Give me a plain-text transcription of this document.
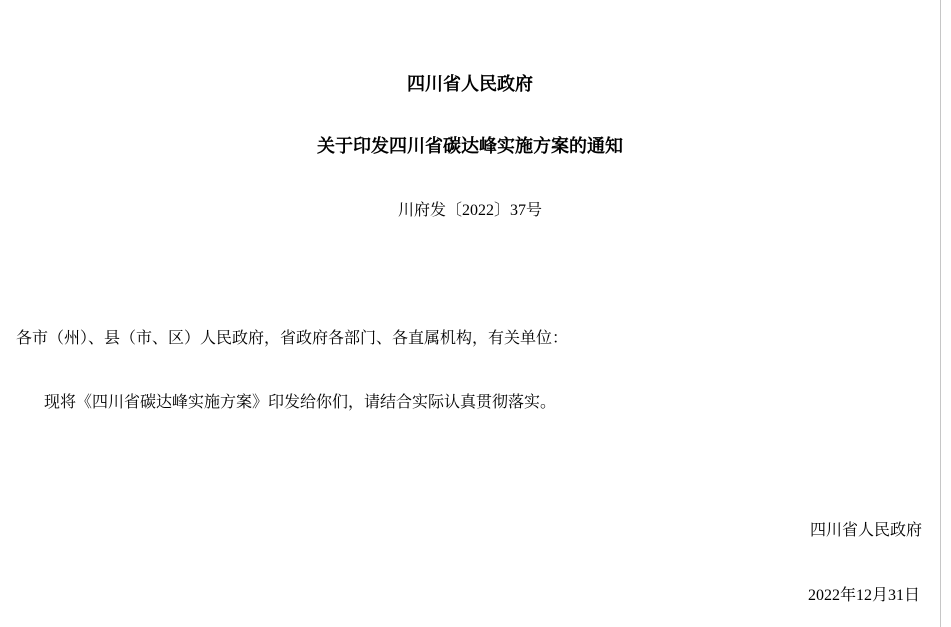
四川省人民政府
关于印发四川省碳达峰实施方案的通知
川府发〔2022〕37号

各市（州）、县（市、区）人民政府，省政府各部门、各直属机构，有关单位：

现将《四川省碳达峰实施方案》印发给你们，请结合实际认真贯彻落实。

四川省人民政府
2022年12月31日
